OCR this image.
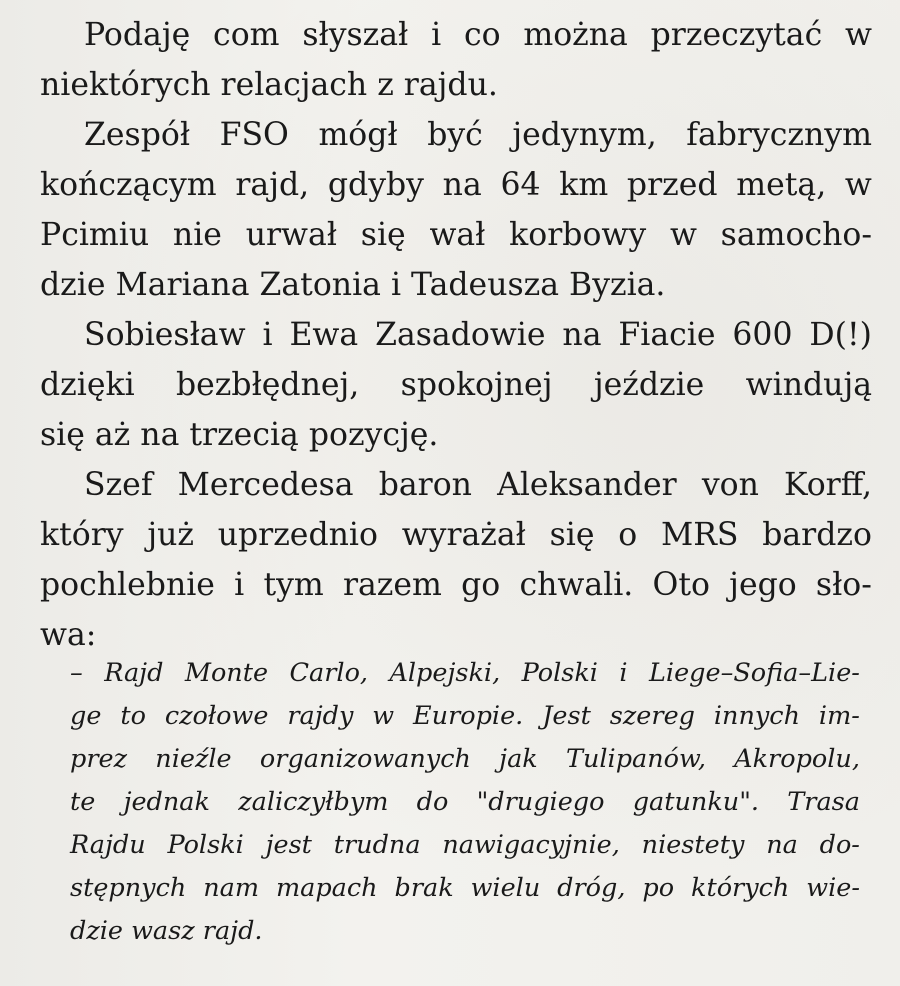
Podaję com słyszał i co można przeczytać w
niektórych relacjach z rajdu.
Zespół FSO mógł być jedynym, fabrycznym
kończącym rajd, gdyby na 64 km przed metą, w
Pcimiu nie urwał się wał korbowy w samocho-
dzie Mariana Zatonia i Tadeusza Byzia.
Sobiesław i Ewa Zasadowie na Fiacie 600 D(!)
dzięki bezbłędnej, spokojnej jeździe windują
się aż na trzecią pozycję.
Szef Mercedesa baron Aleksander von Korff,
który już uprzednio wyrażał się o MRS bardzo
pochlebnie i tym razem go chwali. Oto jego sło-
wa:
– Rajd Monte Carlo, Alpejski, Polski i Liege–Sofia–Lie-
ge to czołowe rajdy w Europie. Jest szereg innych im-
prez nieźle organizowanych jak Tulipanów, Akropolu,
te jednak zaliczyłbym do "drugiego gatunku". Trasa
Rajdu Polski jest trudna nawigacyjnie, niestety na do-
stępnych nam mapach brak wielu dróg, po których wie-
dzie wasz rajd.
